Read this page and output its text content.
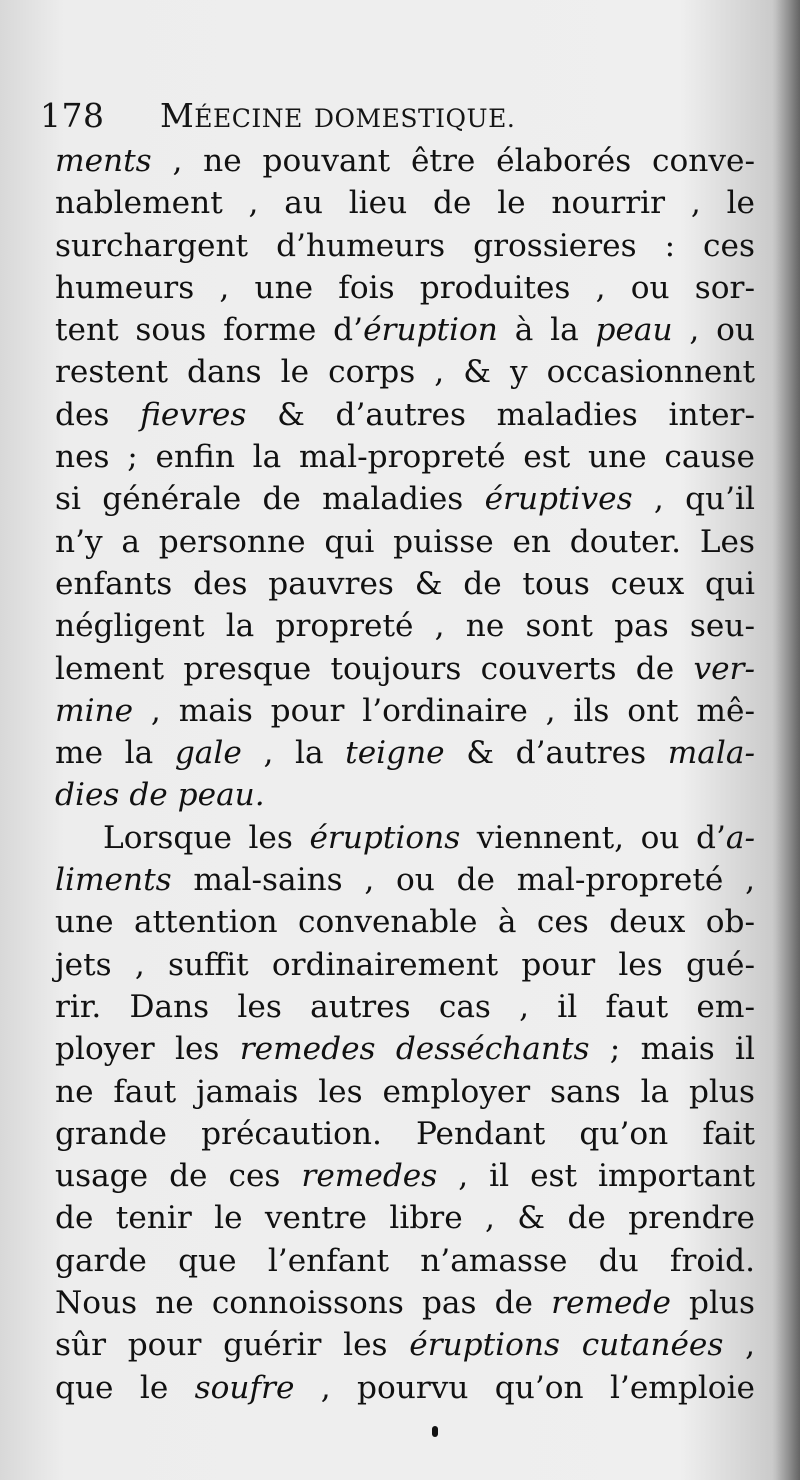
178 MÉECINE DOMESTIQUE.
ments , ne pouvant être élaborés conve-
nablement , au lieu de le nourrir , le
surchargent d’humeurs grossieres : ces
humeurs , une fois produites , ou sor-
tent sous forme d’éruption à la peau , ou
restent dans le corps , & y occasionnent
des fievres & d’autres maladies inter-
nes ; enfin la mal-propreté est une cause
si générale de maladies éruptives , qu’il
n’y a personne qui puisse en douter. Les
enfants des pauvres & de tous ceux qui
négligent la propreté , ne sont pas seu-
lement presque toujours couverts de ver-
mine , mais pour l’ordinaire , ils ont mê-
me la gale , la teigne & d’autres mala-
dies de peau.
Lorsque les éruptions viennent, ou d’a-
liments mal-sains , ou de mal-propreté ,
une attention convenable à ces deux ob-
jets , suffit ordinairement pour les gué-
rir. Dans les autres cas , il faut em-
ployer les remedes desséchants ; mais il
ne faut jamais les employer sans la plus
grande précaution. Pendant qu’on fait
usage de ces remedes , il est important
de tenir le ventre libre , & de prendre
garde que l’enfant n’amasse du froid.
Nous ne connoissons pas de remede plus
sûr pour guérir les éruptions cutanées ,
que le soufre , pourvu qu’on l’emploie
